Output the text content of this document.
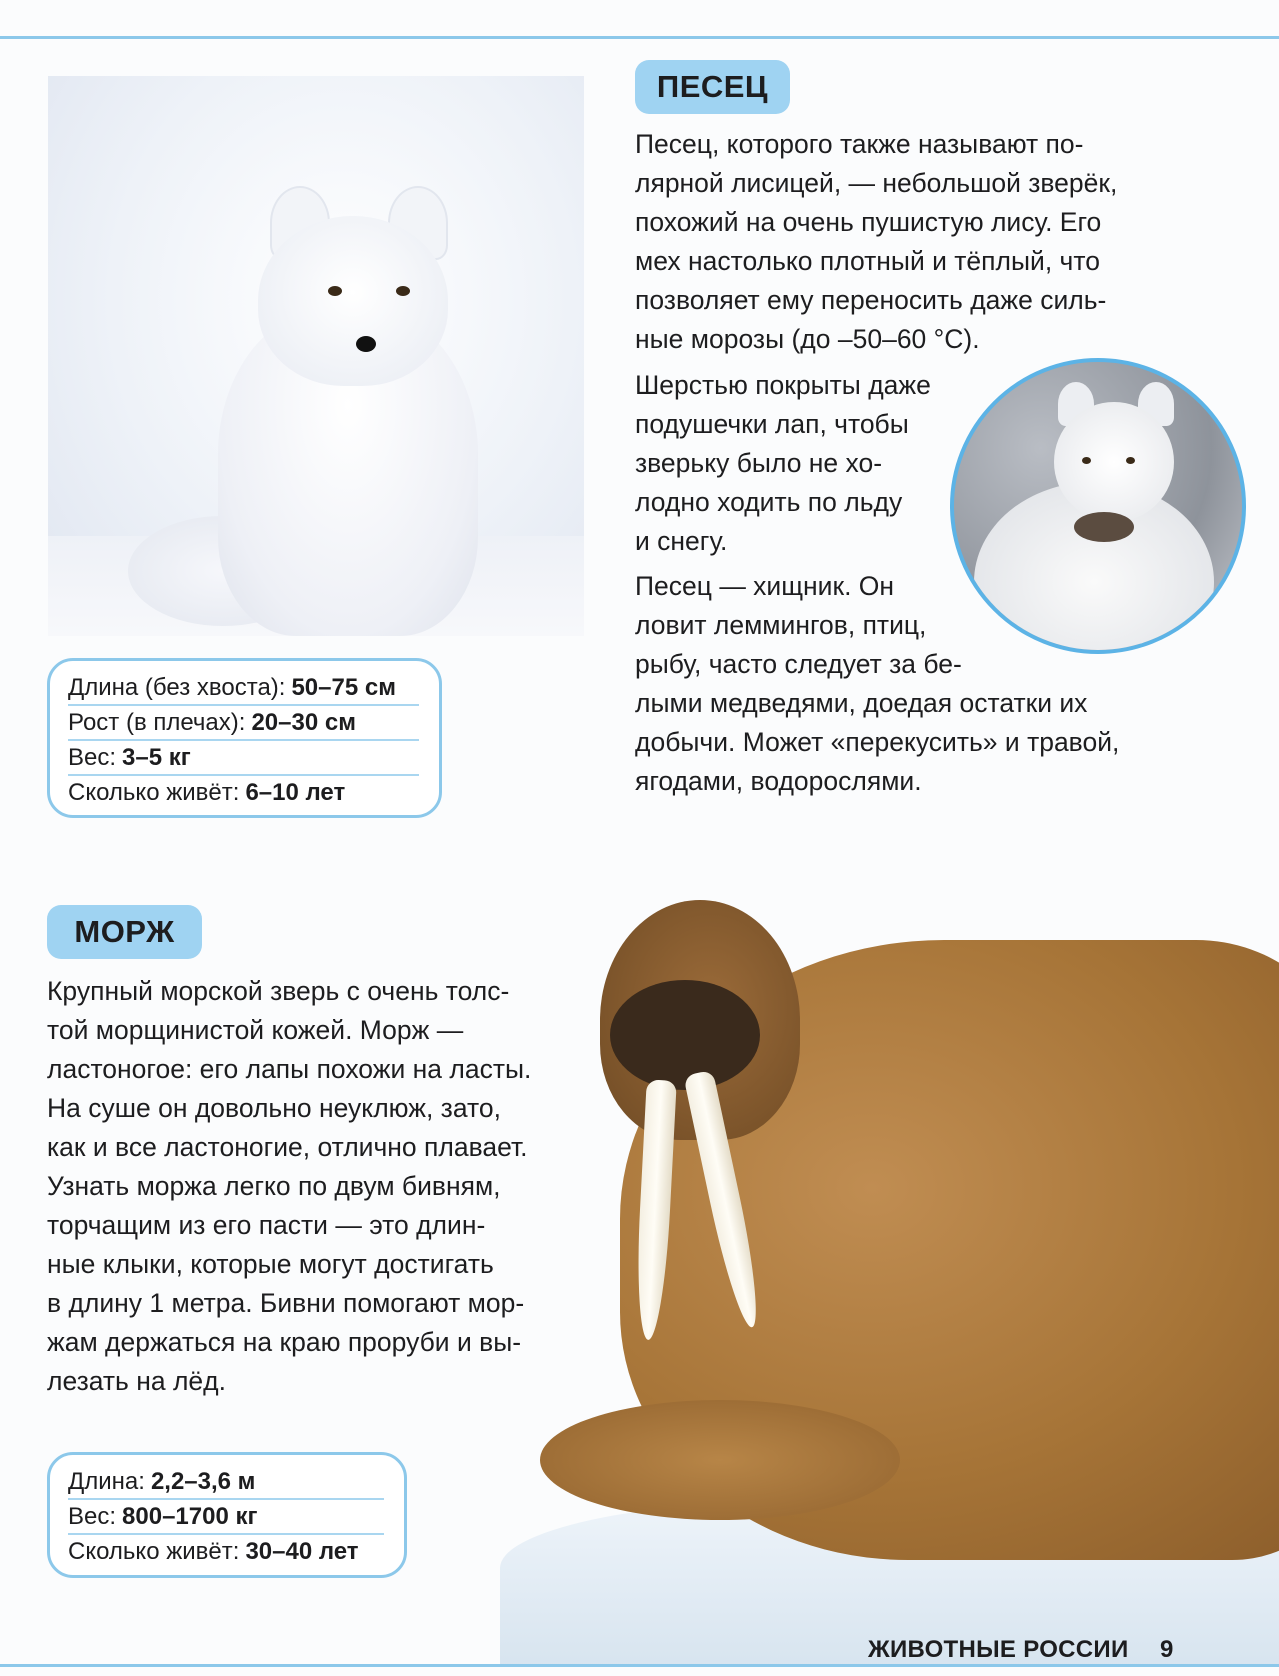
ПЕСЕЦ

Песец, которого также называют по-
лярной лисицей, — небольшой зверёк,
похожий на очень пушистую лису. Его
мех настолько плотный и тёплый, что
позволяет ему переносить даже силь-
ные морозы (до –50–60 °С).

Шерстью покрыты даже
подушечки лап, чтобы
зверьку было не хо-
лодно ходить по льду
и снегу.

Песец — хищник. Он
ловит леммингов, птиц,
рыбу, часто следует за бе-
лыми медведями, доедая остатки их
добычи. Может «перекусить» и травой,
ягодами, водорослями.

Длина (без хвоста): 50–75 см
Рост (в плечах): 20–30 см
Вес: 3–5 кг
Сколько живёт: 6–10 лет
МОРЖ

Крупный морской зверь с очень толс-
той морщинистой кожей. Морж —
ластоногое: его лапы похожи на ласты.
На суше он довольно неуклюж, зато,
как и все ластоногие, отлично плавает.
Узнать моржа легко по двум бивням,
торчащим из его пасти — это длин-
ные клыки, которые могут достигать
в длину 1 метра. Бивни помогают мор-
жам держаться на краю проруби и вы-
лезать на лёд.

Длина: 2,2–3,6 м
Вес: 800–1700 кг
Сколько живёт: 30–40 лет
ЖИВОТНЫЕ РОССИИ 9
